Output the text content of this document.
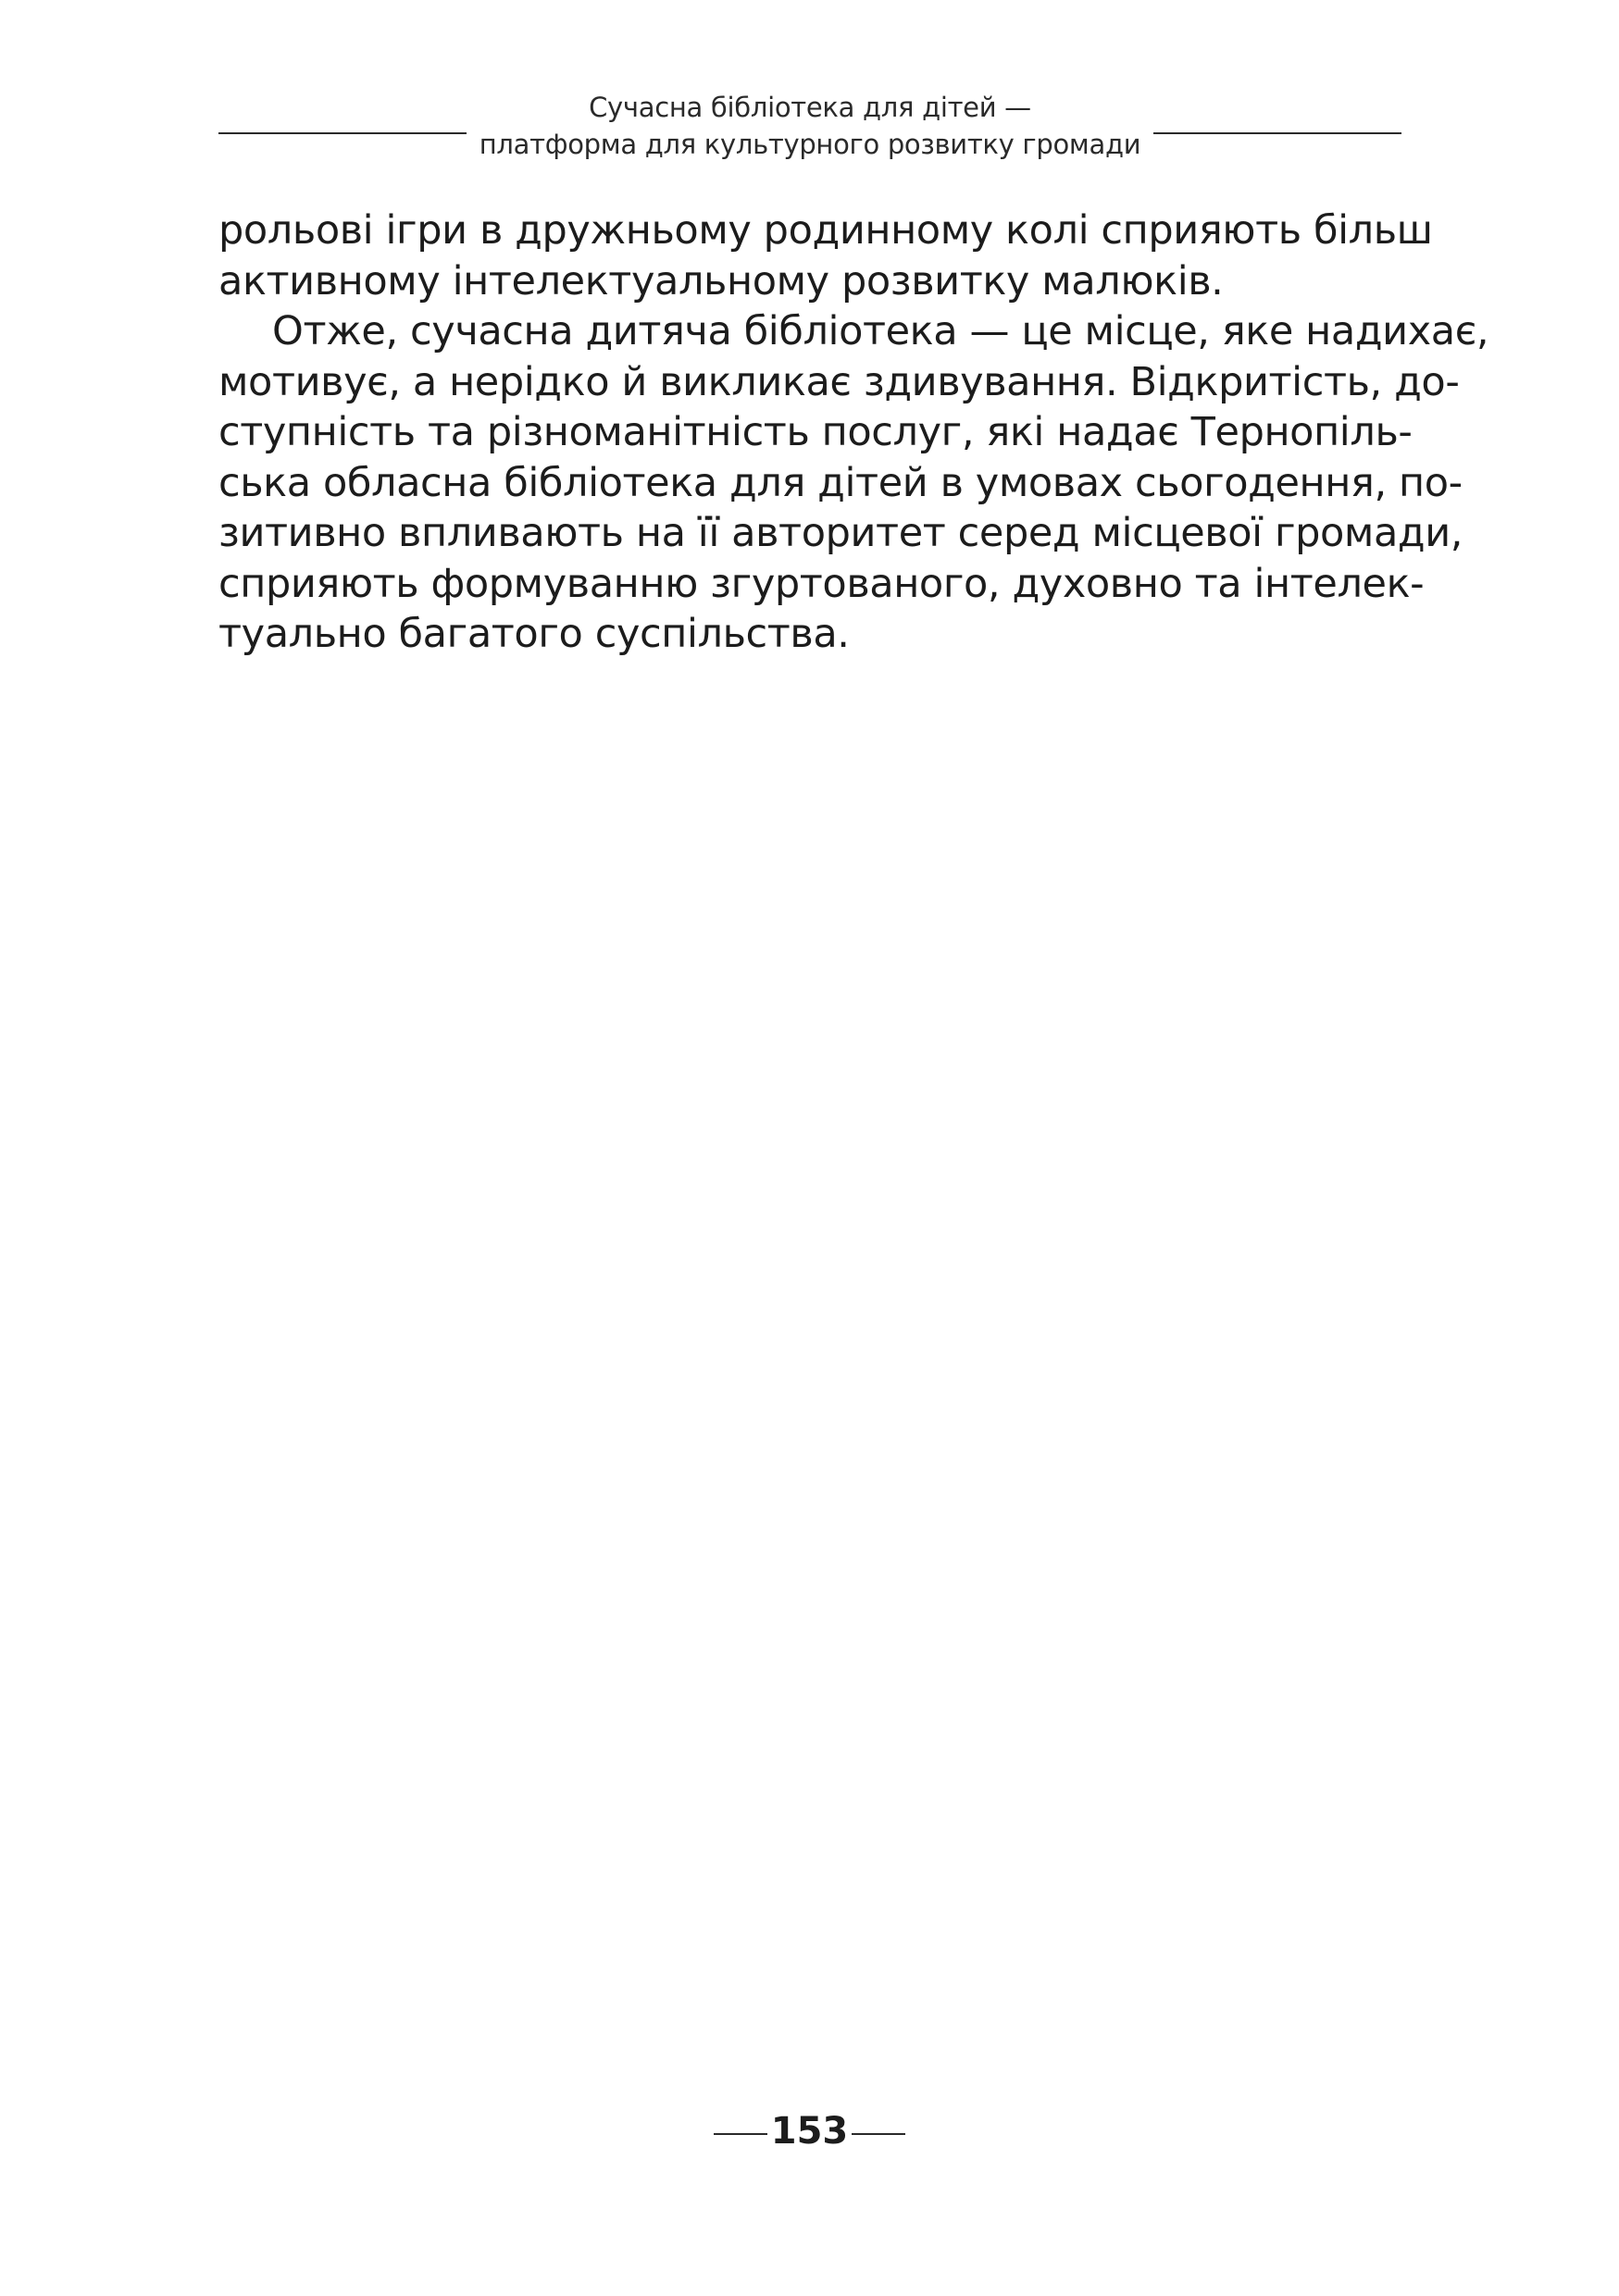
Сучасна бібліотека для дітей —
платформа для культурного розвитку громади
рольові ігри в дружньому родинному колі сприяють більш
активному інтелектуальному розвитку малюків.
Отже, сучасна дитяча бібліотека — це місце, яке надихає,
мотивує, а нерідко й викликає здивування. Відкритість, до-
ступність та різноманітність послуг, які надає Тернопіль-
ська обласна бібліотека для дітей в умовах сьогодення, по-
зитивно впливають на її авторитет серед місцевої громади,
сприяють формуванню згуртованого, духовно та інтелек-
туально багатого суспільства.
153
